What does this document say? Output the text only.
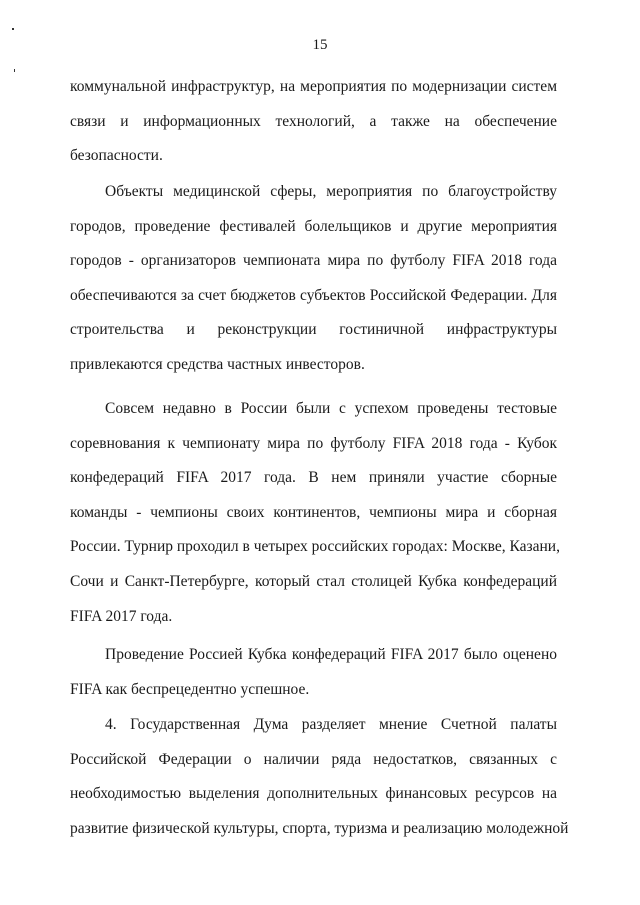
15
коммунальной инфраструктур, на мероприятия по модернизации систем
связи и информационных технологий, а также на обеспечение
безопасности.
Объекты медицинской сферы, мероприятия по благоустройству
городов, проведение фестивалей болельщиков и другие мероприятия
городов - организаторов чемпионата мира по футболу FIFA 2018 года
обеспечиваются за счет бюджетов субъектов Российской Федерации. Для
строительства и реконструкции гостиничной инфраструктуры
привлекаются средства частных инвесторов.
Совсем недавно в России были с успехом проведены тестовые
соревнования к чемпионату мира по футболу FIFA 2018 года - Кубок
конфедераций FIFA 2017 года. В нем приняли участие сборные
команды - чемпионы своих континентов, чемпионы мира и сборная
России. Турнир проходил в четырех российских городах: Москве, Казани,
Сочи и Санкт-Петербурге, который стал столицей Кубка конфедераций
FIFA 2017 года.
Проведение Россией Кубка конфедераций FIFA 2017 было оценено
FIFA как беспрецедентно успешное.
4. Государственная Дума разделяет мнение Счетной палаты
Российской Федерации о наличии ряда недостатков, связанных с
необходимостью выделения дополнительных финансовых ресурсов на
развитие физической культуры, спорта, туризма и реализацию молодежной
